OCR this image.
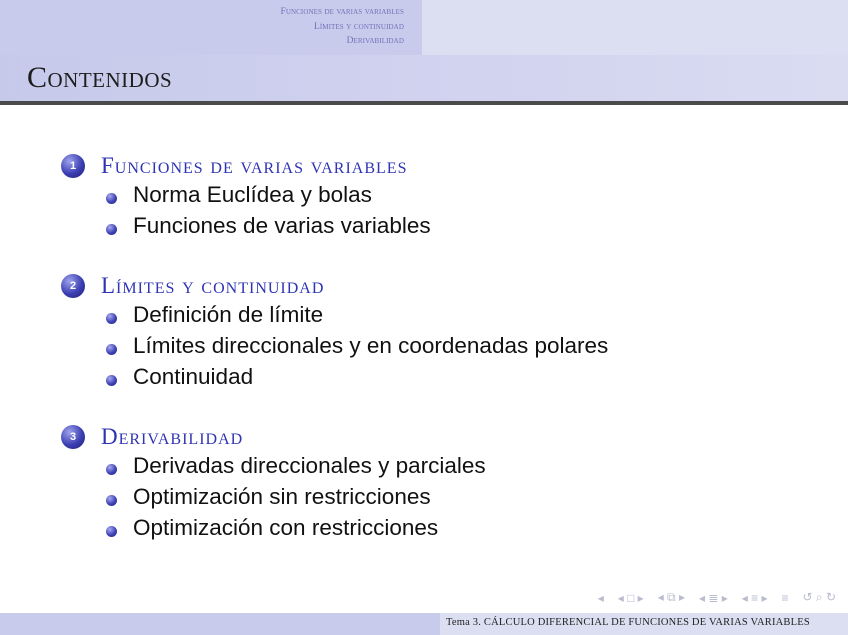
Funciones de varias variables
Límites y continuidad
Derivabilidad
Contenidos
1	Funciones de varias variables
Norma Euclídea y bolas
Funciones de varias variables
2	Límites y continuidad
Definición de límite
Límites direccionales y en coordenadas polares
Continuidad
3	Derivabilidad
Derivadas direccionales y parciales
Optimización sin restricciones
Optimización con restricciones
◂ ◂ □ ▸ ◂ ⧉ ▸ ◂ ≣ ▸ ◂ ≡ ▸ ≡ ↺ ⌕ ↻
Tema 3. CÁLCULO DIFERENCIAL DE FUNCIONES DE VARIAS VARIABLES
